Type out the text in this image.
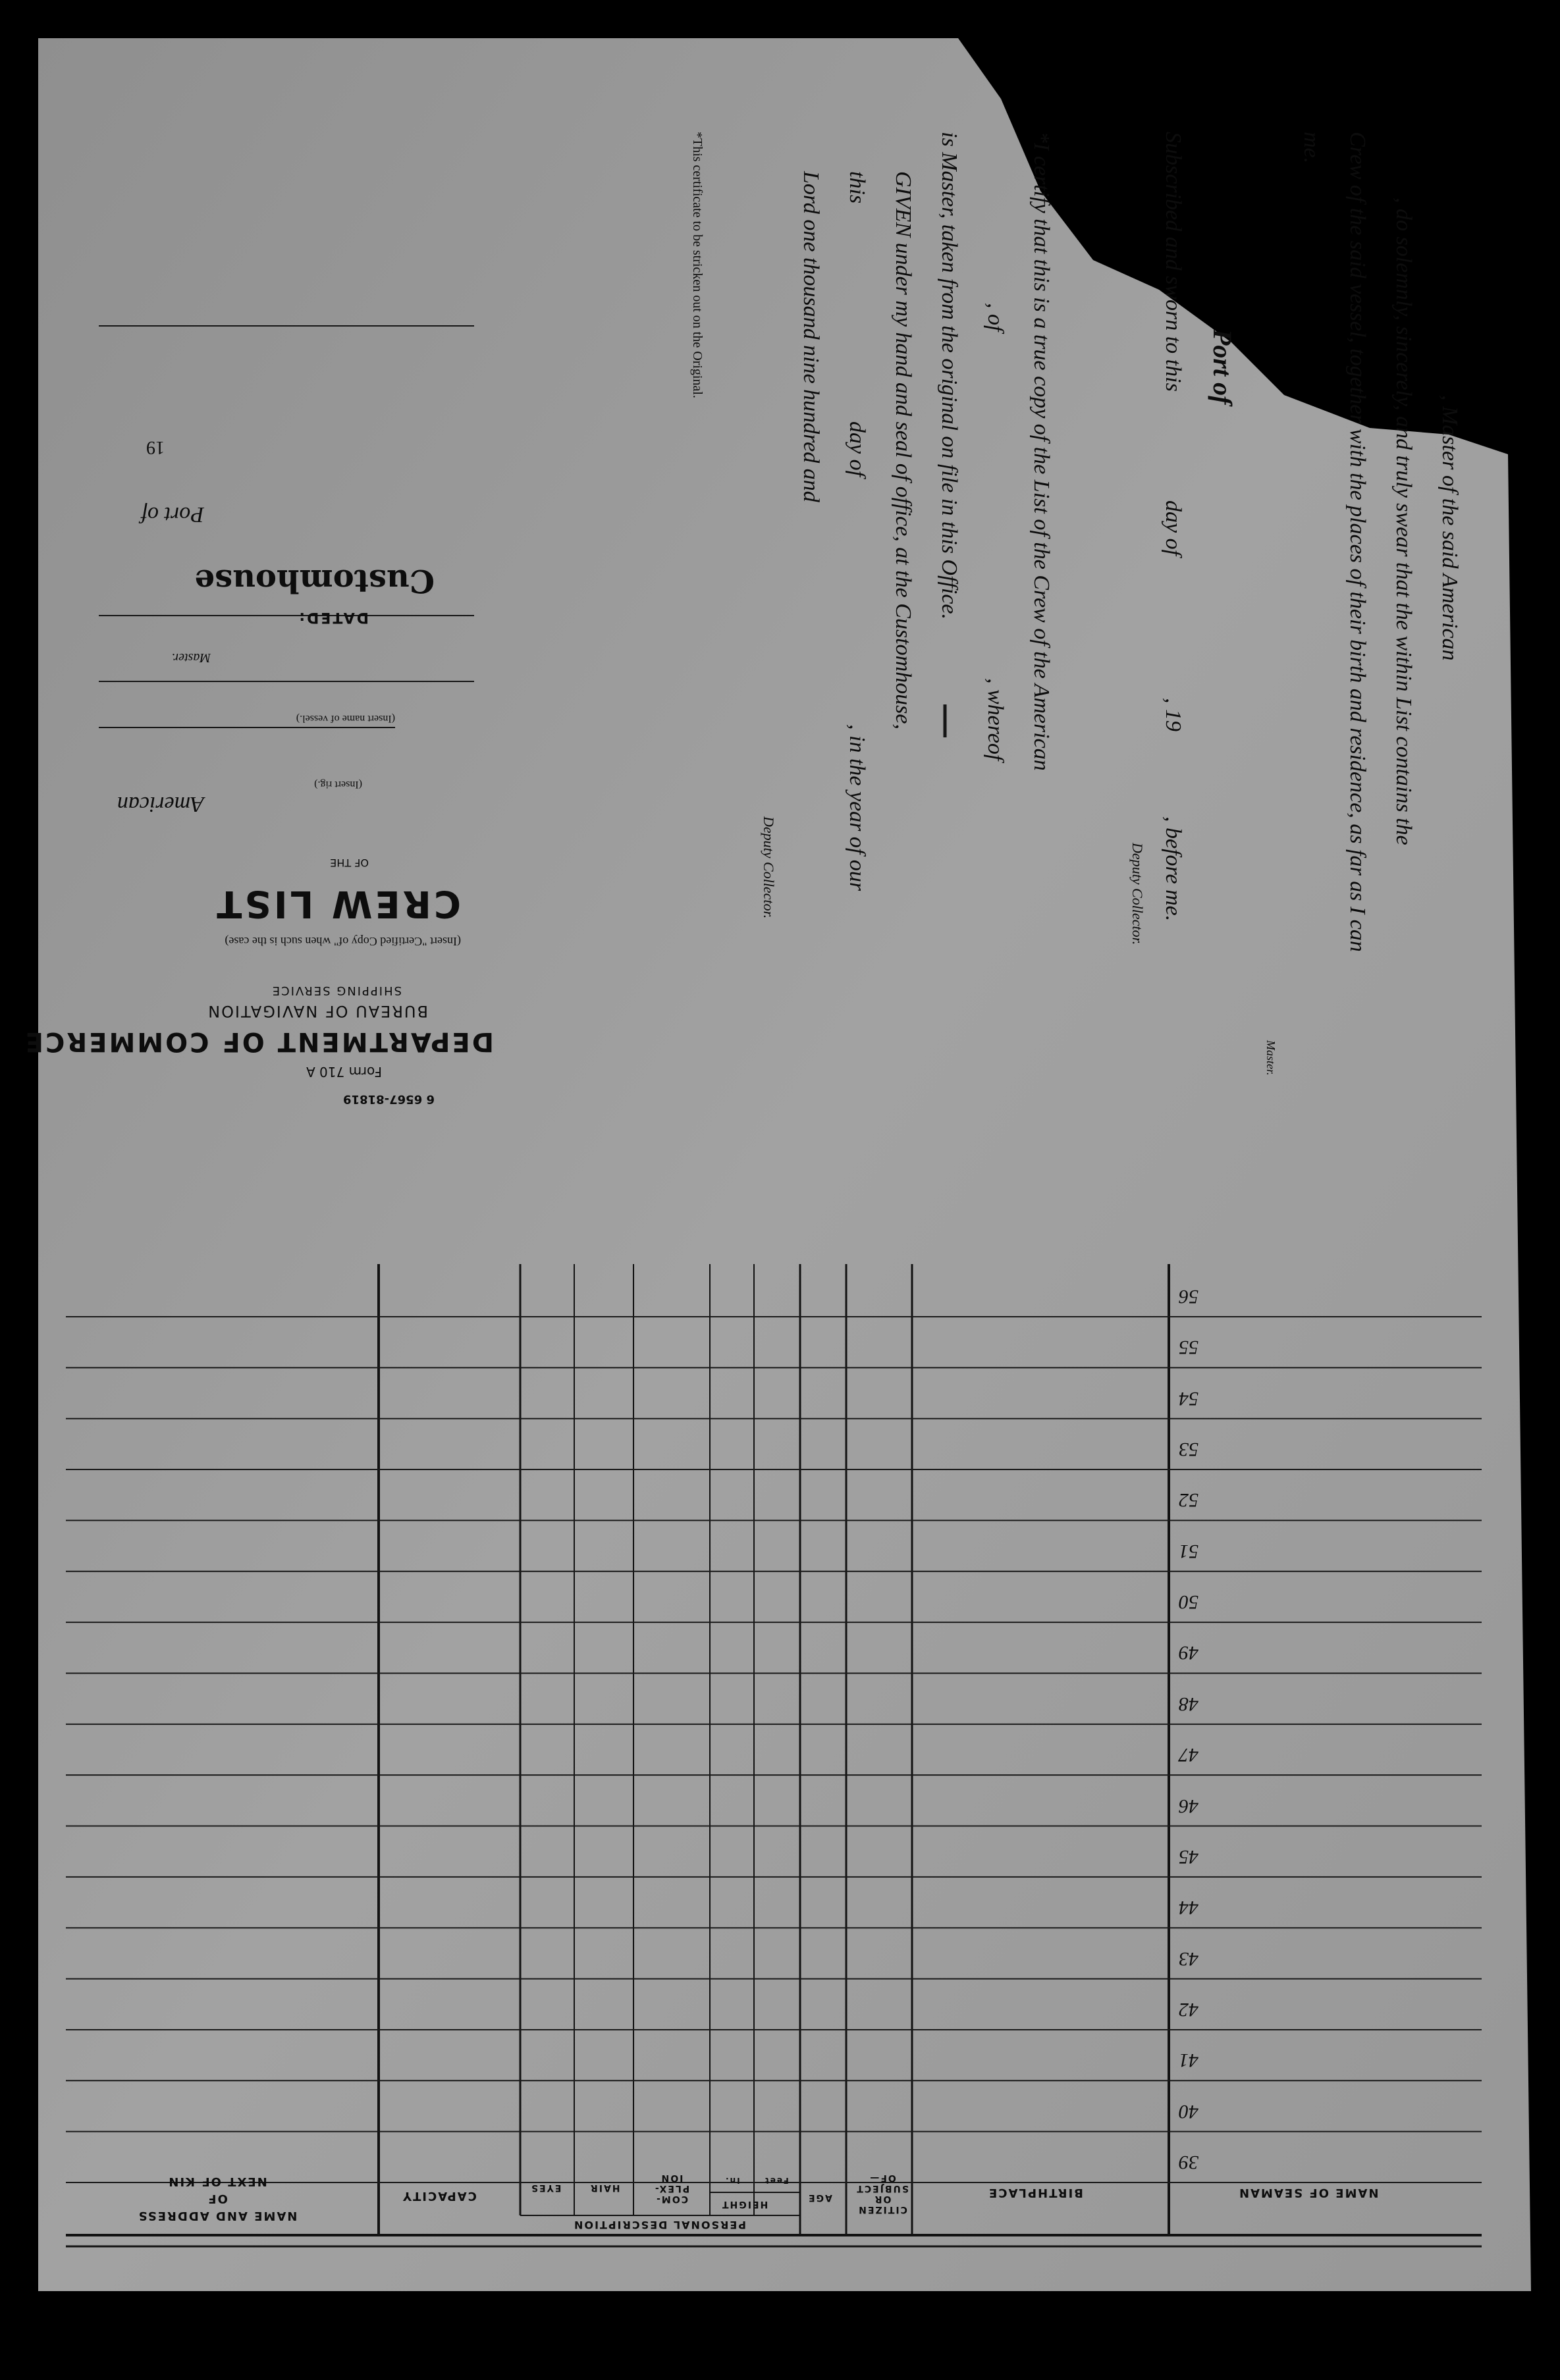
6 6567-81819
Form 710 A
DEPARTMENT OF COMMERCE
BUREAU OF NAVIGATION
SHIPPING SERVICE
(Insert "Certified Copy of" when such is the case)
CREW LIST
OF THE
American
(Insert rig.)
(Insert name of vessel.)
Master.
DATED:
Customhouse
Port of
19	, Master of the said American
, do solemnly, sincerely, and truly swear that the within List contains the
Crew of the said vessel, together with the places of their birth and residence, as far as I can
me.
Master.
Port of
Subscribed and sworn to this
day of
, 19
, before me.
Deputy Collector.
*I certify that this is a true copy of the List of the Crew of the American
, of
, whereof
is Master, taken from the original on file in this Office.
GIVEN under my hand and seal of office, at the Customhouse,
this
day of
, in the year of our
Lord one thousand nine hundred and
Deputy Collector.
*This certificate to be stricken out on the Original.
NAME OF SEAMAN
BIRTHPLACE
CITIZEN OR SUBJECT OF—
AGE
PERSONAL DESCRIPTION
HEIGHT
Feet
In.
COM- PLEX- ION
HAIR
EYES
CAPACITY
NAME AND ADDRESS OF
NEXT OF KIN
39
40
41
42
43
44
45
46
47
48
49
50
51
52
53
54
55
56
